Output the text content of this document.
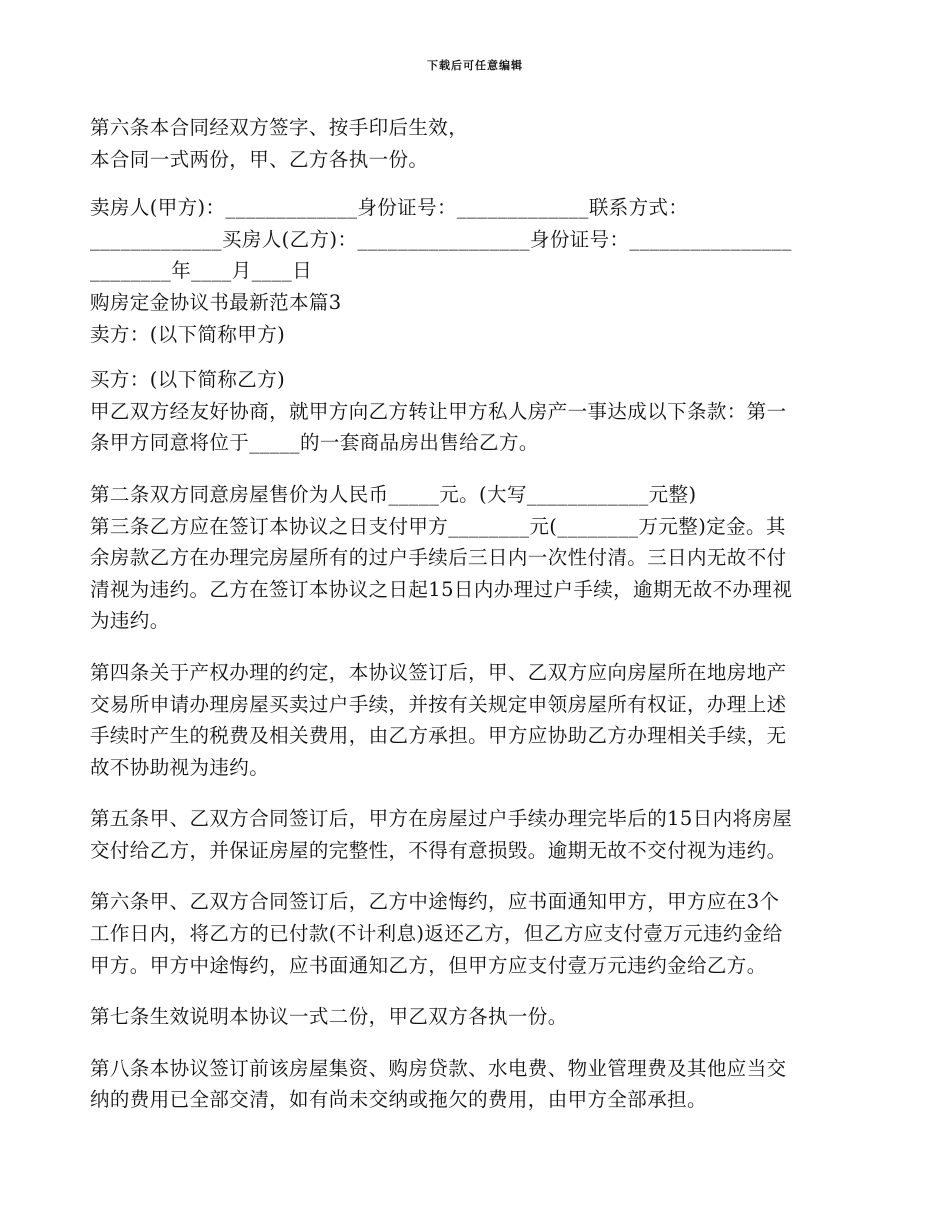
下载后可任意编辑

第六条本合同经双方签字、按手印后生效，

本合同一式两份，甲、乙方各执一份。

卖房人(甲方)：_____________身份证号：_____________联系方式：

_____________买房人(乙方)：_________________身份证号：________________

________年____月____日

购房定金协议书最新范本篇3

卖方：(以下简称甲方)

买方：(以下简称乙方)

甲乙双方经友好协商，就甲方向乙方转让甲方私人房产一事达成以下条款：第一

条甲方同意将位于_____的一套商品房出售给乙方。

第二条双方同意房屋售价为人民币_____元。(大写____________元整)

第三条乙方应在签订本协议之日支付甲方________元(________万元整)定金。其

余房款乙方在办理完房屋所有的过户手续后三日内一次性付清。三日内无故不付

清视为违约。乙方在签订本协议之日起15日内办理过户手续，逾期无故不办理视

为违约。

第四条关于产权办理的约定，本协议签订后，甲、乙双方应向房屋所在地房地产

交易所申请办理房屋买卖过户手续，并按有关规定申领房屋所有权证，办理上述

手续时产生的税费及相关费用，由乙方承担。甲方应协助乙方办理相关手续，无

故不协助视为违约。

第五条甲、乙双方合同签订后，甲方在房屋过户手续办理完毕后的15日内将房屋

交付给乙方，并保证房屋的完整性，不得有意损毁。逾期无故不交付视为违约。

第六条甲、乙双方合同签订后，乙方中途悔约，应书面通知甲方，甲方应在3个

工作日内，将乙方的已付款(不计利息)返还乙方，但乙方应支付壹万元违约金给

甲方。甲方中途悔约，应书面通知乙方，但甲方应支付壹万元违约金给乙方。

第七条生效说明本协议一式二份，甲乙双方各执一份。

第八条本协议签订前该房屋集资、购房贷款、水电费、物业管理费及其他应当交

纳的费用已全部交清，如有尚未交纳或拖欠的费用，由甲方全部承担。
